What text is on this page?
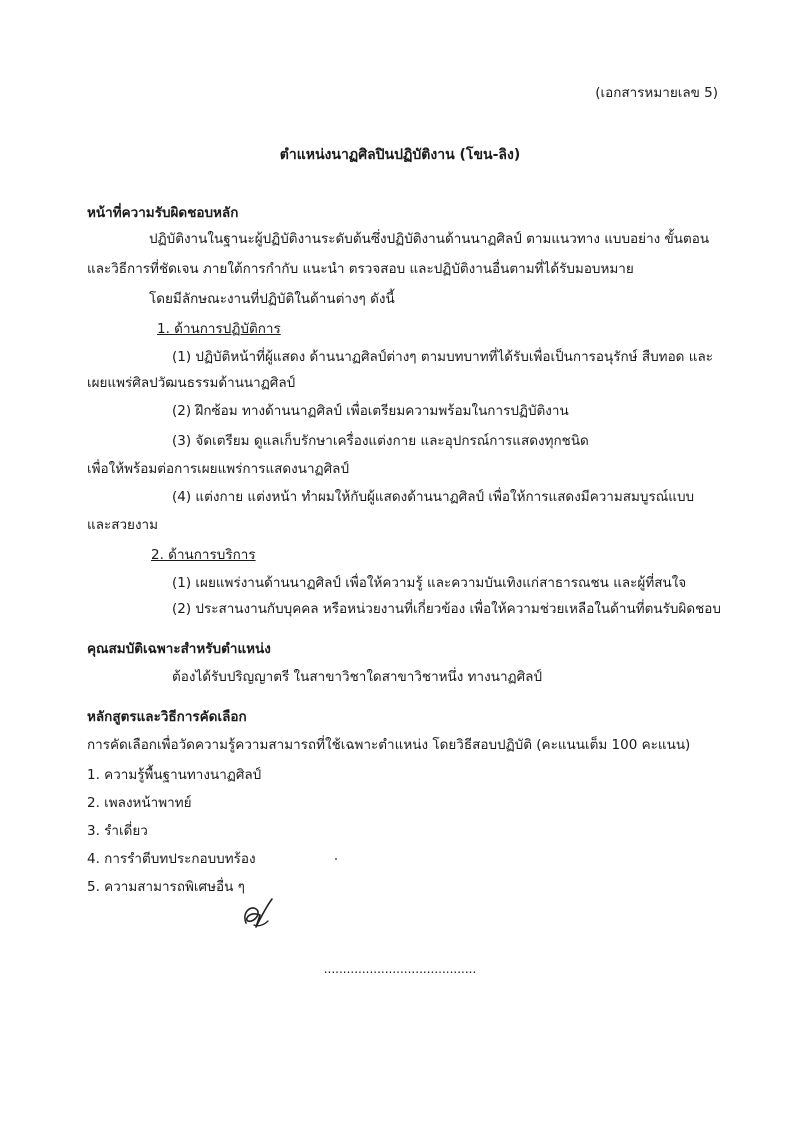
(เอกสารหมายเลข 5)
ตำแหน่งนาฏศิลปินปฏิบัติงาน (โขน-ลิง)
หน้าที่ความรับผิดชอบหลัก
ปฏิบัติงานในฐานะผู้ปฏิบัติงานระดับต้นซึ่งปฏิบัติงานด้านนาฏศิลป์ ตามแนวทาง แบบอย่าง ขั้นตอน
และวิธีการที่ชัดเจน ภายใต้การกำกับ แนะนำ ตรวจสอบ และปฏิบัติงานอื่นตามที่ได้รับมอบหมาย
โดยมีลักษณะงานที่ปฏิบัติในด้านต่างๆ ดังนี้
1. ด้านการปฏิบัติการ
(1) ปฏิบัติหน้าที่ผู้แสดง ด้านนาฏศิลป์ต่างๆ ตามบทบาทที่ได้รับเพื่อเป็นการอนุรักษ์ สืบทอด และ
เผยแพร่ศิลปวัฒนธรรมด้านนาฏศิลป์
(2) ฝึกซ้อม ทางด้านนาฏศิลป์ เพื่อเตรียมความพร้อมในการปฏิบัติงาน
(3) จัดเตรียม ดูแลเก็บรักษาเครื่องแต่งกาย และอุปกรณ์การแสดงทุกชนิด
เพื่อให้พร้อมต่อการเผยแพร่การแสดงนาฏศิลป์
(4) แต่งกาย แต่งหน้า ทำผมให้กับผู้แสดงด้านนาฏศิลป์ เพื่อให้การแสดงมีความสมบูรณ์แบบ
และสวยงาม
2. ด้านการบริการ
(1) เผยแพร่งานด้านนาฏศิลป์ เพื่อให้ความรู้ และความบันเทิงแก่สาธารณชน และผู้ที่สนใจ
(2) ประสานงานกับบุคคล หรือหน่วยงานที่เกี่ยวข้อง เพื่อให้ความช่วยเหลือในด้านที่ตนรับผิดชอบ
คุณสมบัติเฉพาะสำหรับตำแหน่ง
ต้องได้รับปริญญาตรี ในสาขาวิชาใดสาขาวิชาหนึ่ง ทางนาฏศิลป์
หลักสูตรและวิธีการคัดเลือก
การคัดเลือกเพื่อวัดความรู้ความสามารถที่ใช้เฉพาะตำแหน่ง โดยวิธีสอบปฏิบัติ (คะแนนเต็ม 100 คะแนน)
1. ความรู้พื้นฐานทางนาฏศิลป์
2. เพลงหน้าพาทย์
3. รำเดี่ยว
4. การรำตีบทประกอบบทร้อง
5. ความสามารถพิเศษอื่น ๆ
........................................
